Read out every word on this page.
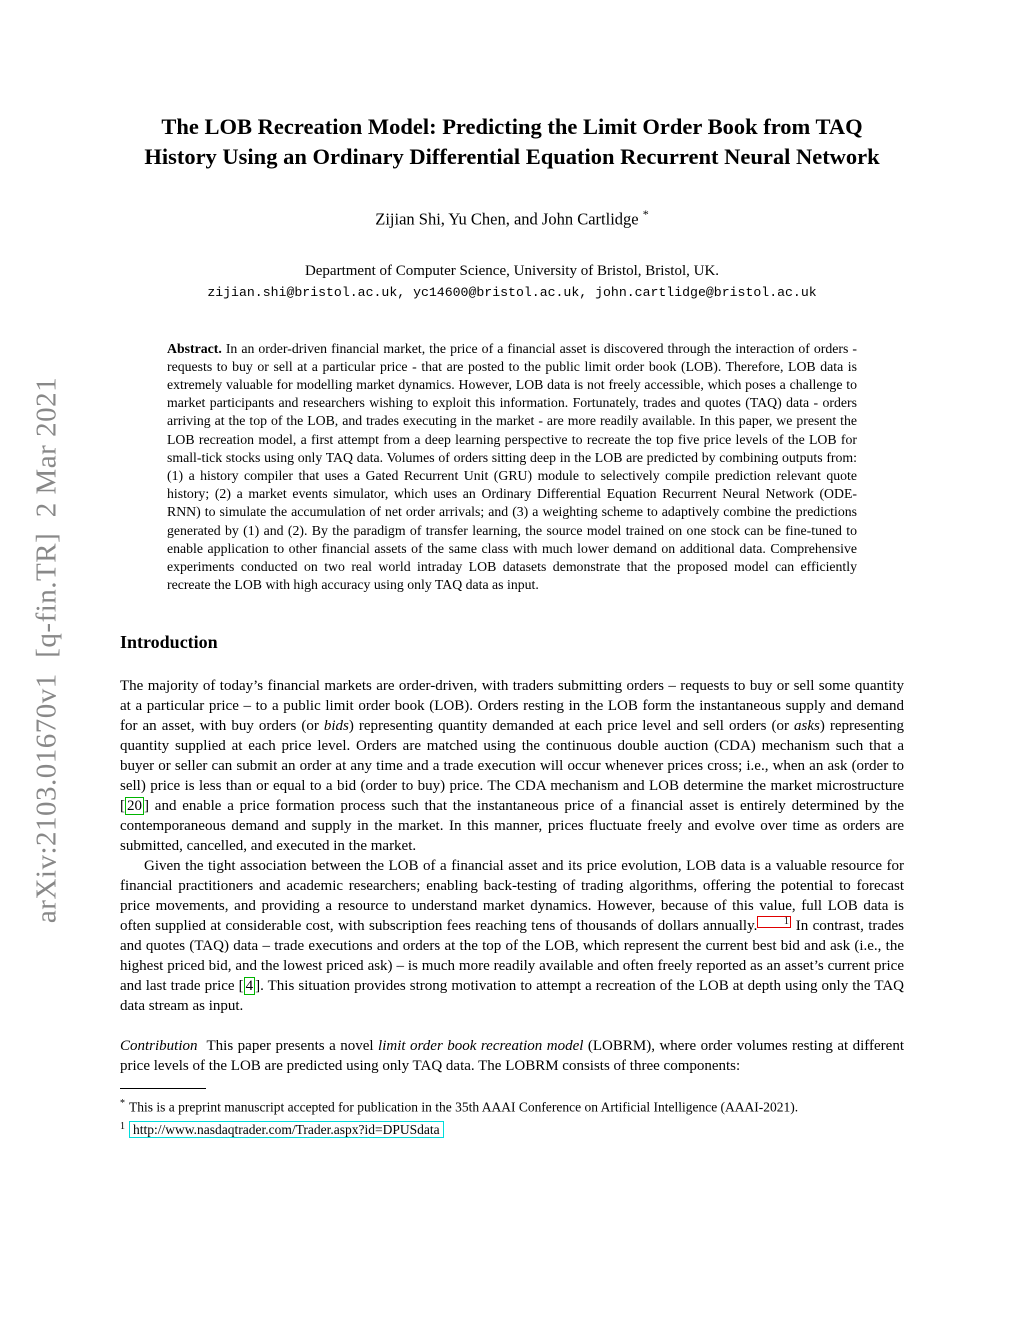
arXiv:2103.01670v1  [q-fin.TR]  2 Mar 2021
The LOB Recreation Model: Predicting the Limit Order Book from TAQ
History Using an Ordinary Differential Equation Recurrent Neural Network
Zijian Shi, Yu Chen, and John Cartlidge *
Department of Computer Science, University of Bristol, Bristol, UK.
zijian.shi@bristol.ac.uk, yc14600@bristol.ac.uk, john.cartlidge@bristol.ac.uk

Abstract. In an order-driven financial market, the price of a financial asset is discovered through the interaction of orders - requests to buy or sell at a particular price - that are posted to the public limit order book (LOB). Therefore, LOB data is extremely valuable for modelling market dynamics. However, LOB data is not freely accessible, which poses a challenge to market participants and researchers wishing to exploit this information. Fortunately, trades and quotes (TAQ) data - orders arriving at the top of the LOB, and trades executing in the market - are more readily available. In this paper, we present the LOB recreation model, a first attempt from a deep learning perspective to recreate the top five price levels of the LOB for small-tick stocks using only TAQ data. Volumes of orders sitting deep in the LOB are predicted by combining outputs from: (1) a history compiler that uses a Gated Recurrent Unit (GRU) module to selectively compile prediction relevant quote history; (2) a market events simulator, which uses an Ordinary Differential Equation Recurrent Neural Network (ODE-RNN) to simulate the accumulation of net order arrivals; and (3) a weighting scheme to adaptively combine the predictions generated by (1) and (2). By the paradigm of transfer learning, the source model trained on one stock can be fine-tuned to enable application to other financial assets of the same class with much lower demand on additional data. Comprehensive experiments conducted on two real world intraday LOB datasets demonstrate that the proposed model can efficiently recreate the LOB with high accuracy using only TAQ data as input.

Introduction

The majority of today’s financial markets are order-driven, with traders submitting orders – requests to buy or sell some quantity at a particular price – to a public limit order book (LOB). Orders resting in the LOB form the instantaneous supply and demand for an asset, with buy orders (or bids) representing quantity demanded at each price level and sell orders (or asks) representing quantity supplied at each price level. Orders are matched using the continuous double auction (CDA) mechanism such that a buyer or seller can submit an order at any time and a trade execution will occur whenever prices cross; i.e., when an ask (order to sell) price is less than or equal to a bid (order to buy) price. The CDA mechanism and LOB determine the market microstructure [ 20 ] and enable a price formation process such that the instantaneous price of a financial asset is entirely determined by the contemporaneous demand and supply in the market. In this manner, prices fluctuate freely and evolve over time as orders are submitted, cancelled, and executed in the market.

Given the tight association between the LOB of a financial asset and its price evolution, LOB data is a valuable resource for financial practitioners and academic researchers; enabling back-testing of trading algorithms, offering the potential to forecast price movements, and providing a resource to understand market dynamics. However, because of this value, full LOB data is often supplied at considerable cost, with subscription fees reaching tens of thousands of dollars annually.	1 In contrast, trades and quotes (TAQ) data – trade executions and orders at the top of the LOB, which represent the current best bid and ask (i.e., the highest priced bid, and the lowest priced ask) – is much more readily available and often freely reported as an asset’s current price and last trade price [ 4 ]. This situation provides strong motivation to attempt a recreation of the LOB at depth using only the TAQ data stream as input.

Contribution This paper presents a novel limit order book recreation model (LOBRM), where order volumes resting at different price levels of the LOB are predicted using only TAQ data. The LOBRM consists of three components:

* This is a preprint manuscript accepted for publication in the 35th AAAI Conference on Artificial Intelligence (AAAI-2021).
$^1$ http://www.nasdaqtrader.com/Trader.aspx?id=DPUSdata
